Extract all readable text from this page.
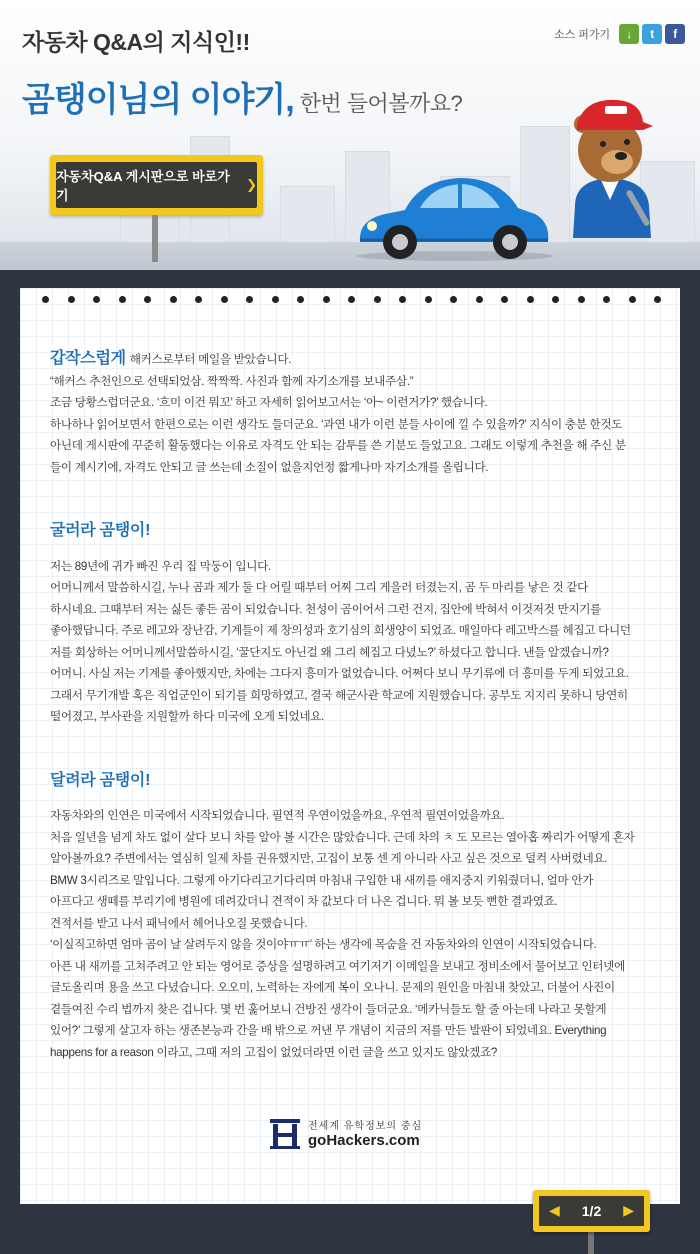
자동차 Q&A의 지식인!!
곰탱이님의 이야기, 한번 들어볼까요?
소스 퍼가기	↓	t	f
자동차Q&A 게시판으로 바로가기
❯

갑작스럽게 해커스로부터 메일을 받았습니다.

“해커스 추천인으로 선택되었삼. 짝짝짝. 사진과 함께 자기소개를 보내주삼.”

조금 당황스럽더군요. ‘흐미 이건 뭐꼬’ 하고 자세히 읽어보고서는 ‘아~ 이런거가?’ 했습니다.

하나하나 읽어보면서 한편으로는 이런 생각도 들더군요. ‘과연 내가 이런 분들 사이에 낄 수 있을까?’ 지식이 충분 한것도

아닌데 게시판에 꾸준히 활동했다는 이유로 자격도 안 되는 감투를 쓴 기분도 들었고요. 그래도 이렇게 추천을 해 주신 분

들이 계시기에, 자격도 안되고 글 쓰는데 소질이 없을지언정 짧게나마 자기소개를 올립니다.

굴러라 곰탱이!

저는 89년에 귀가 빠진 우리 집 막둥이 입니다.

어머니께서 말씀하시길, 누나 곰과 제가 둘 다 어릴 때부터 어찌 그리 게을러 터졌는지, 곰 두 마리를 낳은 것 같다

하시네요. 그때부터 저는 싫든 좋든 곰이 되었습니다. 천성이 곰이어서 그런 건지, 집안에 박혀서 이것저것 만지기를

좋아했답니다. 주로 레고와 장난감, 기계들이 제 창의성과 호기심의 희생양이 되었죠. 매일마다 레고박스를 헤집고 다니던

저를 회상하는 어머니께서말씀하시길, ‘꿀단지도 아닌걸 왜 그리 헤집고 다녔노?’ 하셨다고 합니다. 낸들 알겠습니까?

어머니. 사실 저는 기계를 좋아했지만, 차에는 그다지 흥미가 없었습니다. 어쩌다 보니 무기류에 더 흥미를 두게 되었고요.

그래서 무기개발 혹은 직업군인이 되기를 희망하였고, 결국 해군사관 학교에 지원했습니다. 공부도 지지리 못하니 당연히

떨어졌고, 부사관을 지원할까 하다 미국에 오게 되었네요.

달려라 곰탱이!

자동차와의 인연은 미국에서 시작되었습니다. 필연적 우연이었을까요, 우연적 필연이었을까요.

처음 일년을 넘게 차도 없이 살다 보니 차를 알아 볼 시간은 많았습니다. 근데 차의 ㅊ 도 모르는 열아홉 짜리가 어떻게 혼자

알아볼까요? 주변에서는 열심히 일제 차를 권유했지만, 고집이 보통 센 게 아니라 사고 싶은 것으로 덜컥 사버렸네요.

BMW 3시리즈로 말입니다. 그렇게 아기다리고기다리며 마침내 구입한 내 새끼를 애지중지 키워줬더니, 얼마 안가

아프다고 생떼를 부리기에 병원에 데려갔더니 견적이 차 값보다 더 나온 겁니다. 뭐 볼 보듯 뻔한 결과였죠.

견적서를 받고 나서 패닉에서 헤어나오질 못했습니다.

‘이실직고하면 엄마 곰이 날 살려두지 않을 것이야ㅠㅠ’ 하는 생각에 목숨을 건 자동차와의 인연이 시작되었습니다.

아픈 내 새끼를 고쳐주려고 안 되는 영어로 증상을 설명하려고 여기저기 이메일을 보내고 정비소에서 물어보고 인터넷에

글도올리며 용을 쓰고 다녔습니다. 오오미, 노력하는 자에게 복이 오나니. 문제의 원인을 마침내 찾았고, 더불어 사진이

곁들여진 수리 법까지 찾은 겁니다. 몇 번 훑어보니 건방진 생각이 들더군요. ‘메카닉들도 할 줄 아는데 나라고 못할게

있어?’ 그렇게 살고자 하는 생존본능과 간을 배 밖으로 꺼낸 무 개념이 지금의 저를 만든 발판이 되었네요. Everything

happens for a reason 이라고, 그때 저의 고집이 없었더라면 이런 글을 쓰고 있지도 않았겠죠?

전세계 유학정보의 중심
goHackers.com
◀ 1/2 ▶
